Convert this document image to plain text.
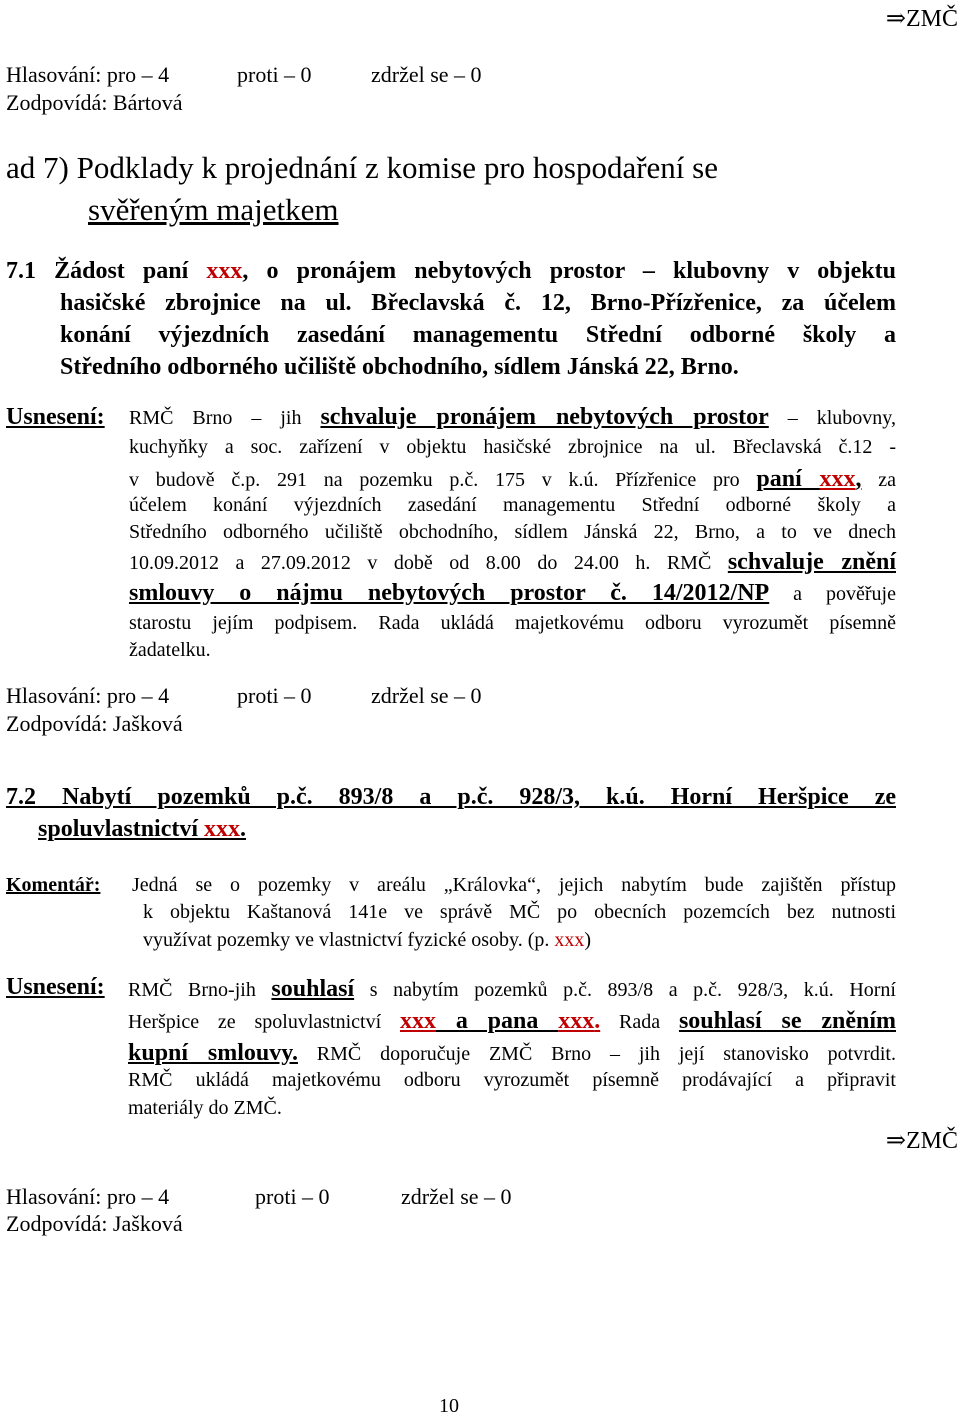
⇒ZMČ
Hlasování: pro – 4	proti – 0	zdržel se – 0
Zodpovídá: Bártová
ad 7) Podklady k projednání z komise pro hospodaření se
svěřeným majetkem
7.1 Žádost paní xxx, o pronájem nebytových prostor – klubovny v objektu
hasičské zbrojnice na ul. Břeclavská č. 12, Brno-Přízřenice, za účelem
konání výjezdních zasedání managementu Střední odborné školy a
Středního odborného učiliště obchodního, sídlem Jánská 22, Brno.
Usnesení: RMČ Brno – jih schvaluje pronájem nebytových prostor – klubovny,
kuchyňky a soc. zařízení v objektu hasičské zbrojnice na ul. Břeclavská č.12 -
v budově č.p. 291 na pozemku p.č. 175 v k.ú. Přízřenice pro paní xxx, za
účelem konání výjezdních zasedání managementu Střední odborné školy a
Středního odborného učiliště obchodního, sídlem Jánská 22, Brno, a to ve dnech
10.09.2012 a 27.09.2012 v době od 8.00 do 24.00 h. RMČ schvaluje znění
smlouvy o nájmu nebytových prostor č. 14/2012/NP a pověřuje
starostu jejím podpisem. Rada ukládá majetkovému odboru vyrozumět písemně
žadatelku.
Hlasování: pro – 4	proti – 0	zdržel se – 0
Zodpovídá: Jašková
7.2 Nabytí pozemků p.č. 893/8 a p.č. 928/3, k.ú. Horní Heršpice ze
spoluvlastnictví xxx.
Komentář: Jedná se o pozemky v areálu „Královka“, jejich nabytím bude zajištěn přístup
k objektu Kaštanová 141e ve správě MČ po obecních pozemcích bez nutnosti
využívat pozemky ve vlastnictví fyzické osoby. (p. xxx)
Usnesení: RMČ Brno-jih souhlasí s nabytím pozemků p.č. 893/8 a p.č. 928/3, k.ú. Horní
Heršpice ze spoluvlastnictví xxx a pana xxx. Rada souhlasí se zněním
kupní smlouvy. RMČ doporučuje ZMČ Brno – jih její stanovisko potvrdit.
RMČ ukládá majetkovému odboru vyrozumět písemně prodávající a připravit
materiály do ZMČ.
⇒ZMČ
Hlasování: pro – 4	proti – 0	zdržel se – 0
Zodpovídá: Jašková
10
